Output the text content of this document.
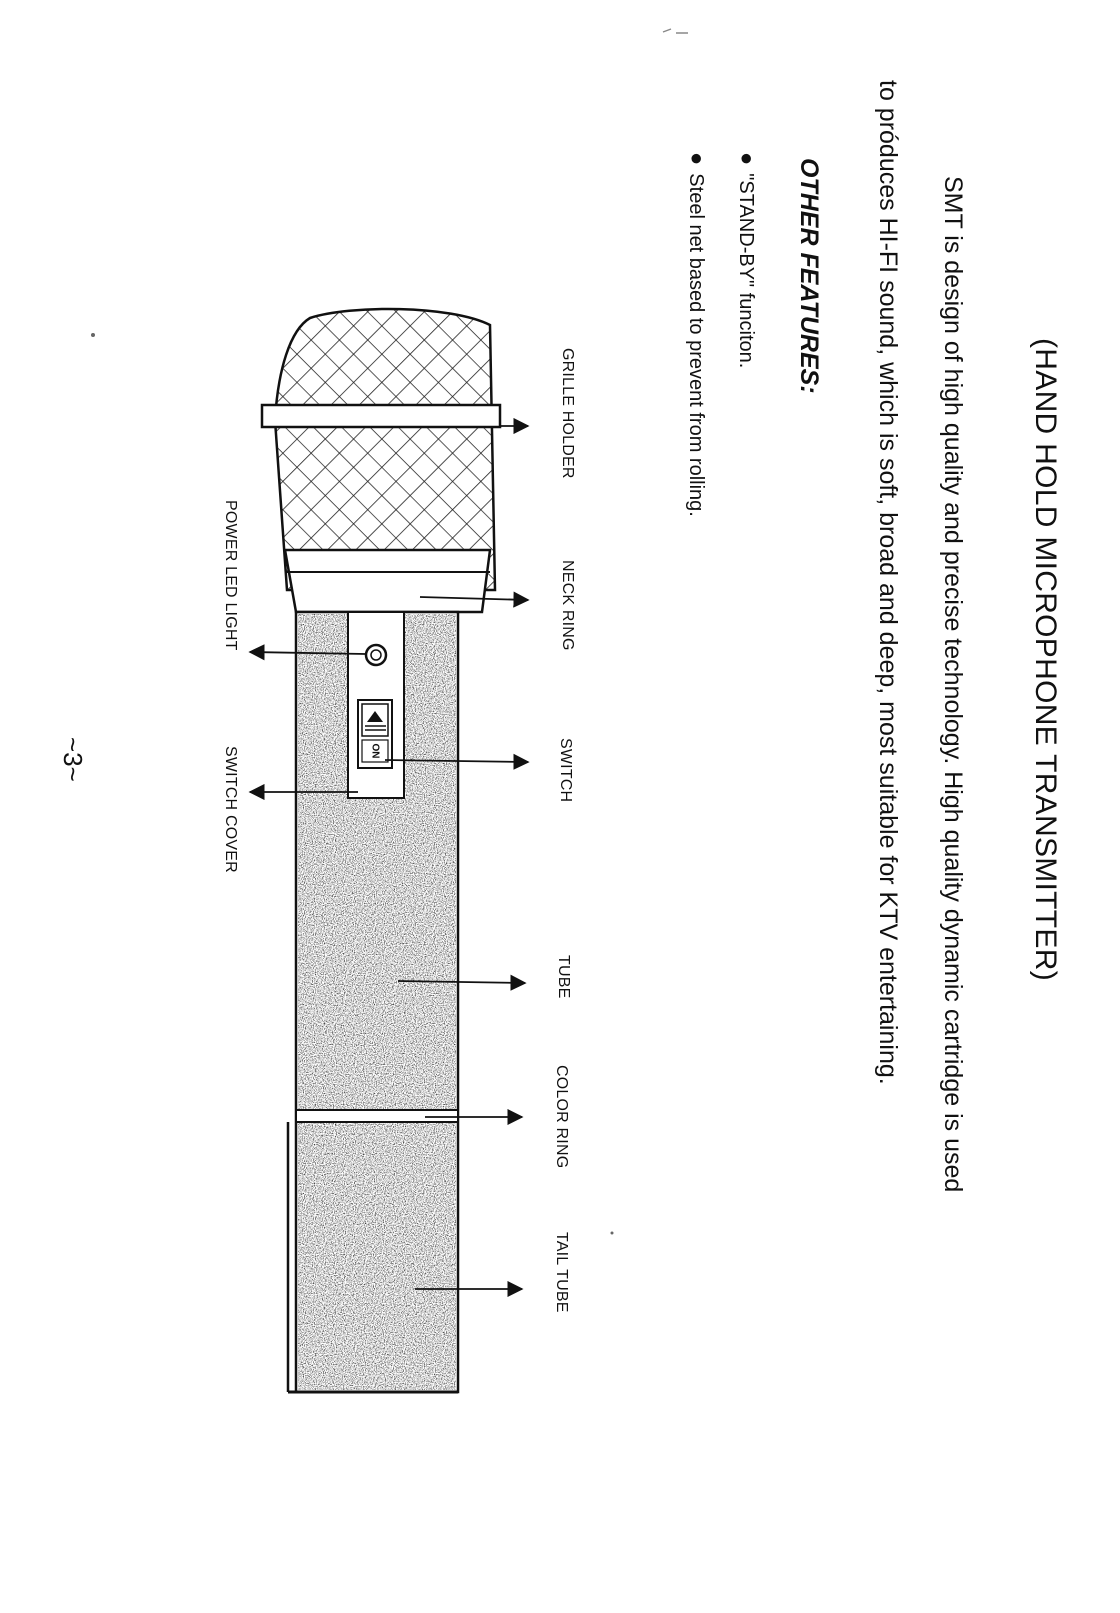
(HAND HOLD MICROPHONE TRANSMITTER)
SMT is design of high quality and precise technology. High quality dynamic cartridge is used
to próduces HI-FI sound, which is soft, broad and deep, most suitable for KTV entertaining.
OTHER FEATURES:
●"STAND-BY" funciton.
●Steel net based to prevent from rolling.
ON
GRILLE HOLDER
NECK RING
SWITCH
TUBE
COLOR RING
TAIL TUBE
POWER LED LIGHT
SWITCH COVER
~3~
